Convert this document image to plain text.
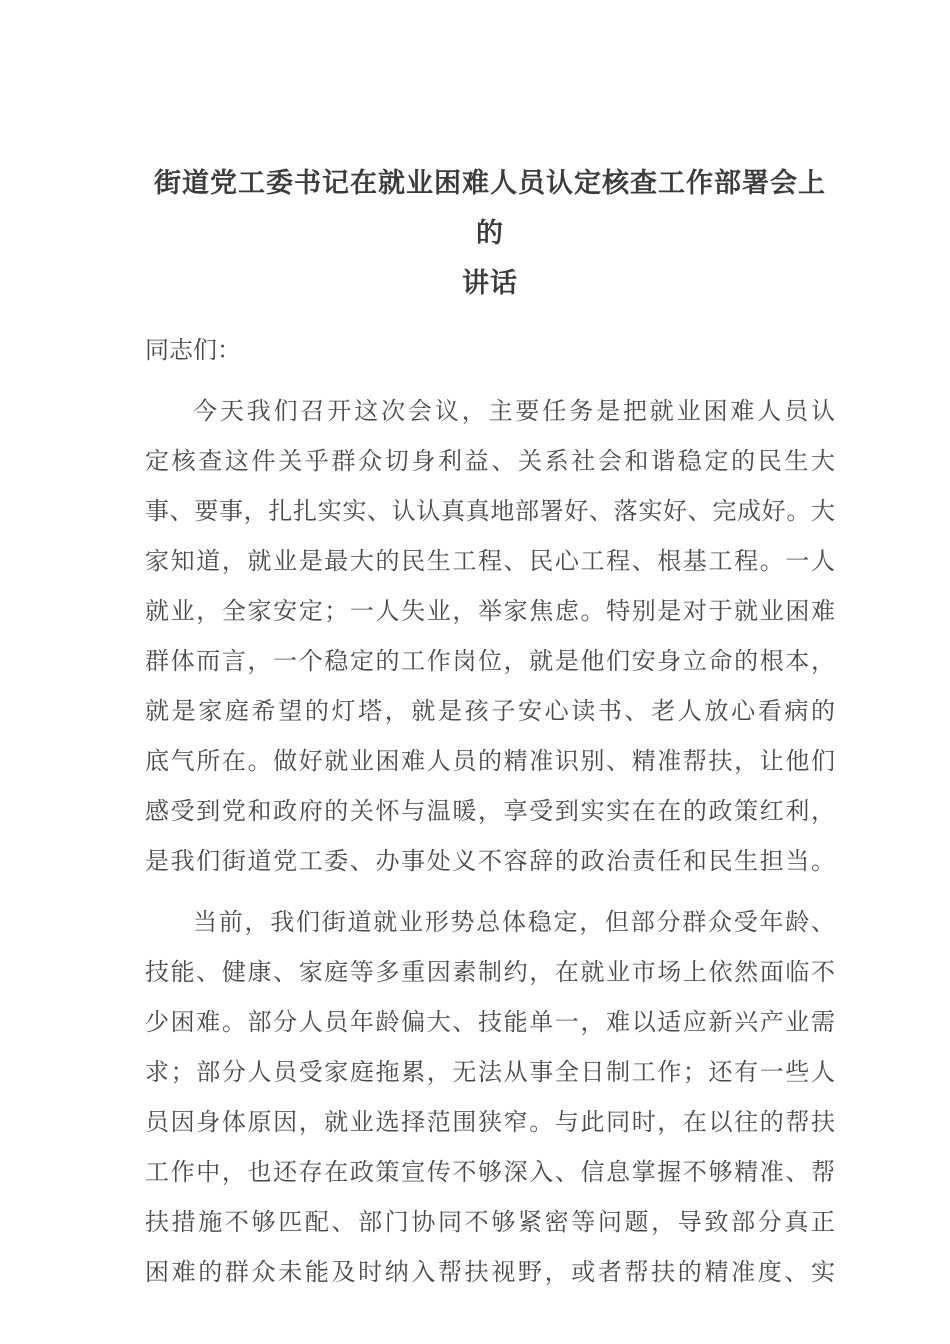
街道党工委书记在就业困难人员认定核查工作部署会上的
讲话
同志们：
今天我们召开这次会议，主要任务是把就业困难人员认
定核查这件关乎群众切身利益、关系社会和谐稳定的民生大
事、要事，扎扎实实、认认真真地部署好、落实好、完成好。大
家知道，就业是最大的民生工程、民心工程、根基工程。一人
就业，全家安定；一人失业，举家焦虑。特别是对于就业困难
群体而言，一个稳定的工作岗位，就是他们安身立命的根本，
就是家庭希望的灯塔，就是孩子安心读书、老人放心看病的
底气所在。做好就业困难人员的精准识别、精准帮扶，让他们
感受到党和政府的关怀与温暖，享受到实实在在的政策红利，
是我们街道党工委、办事处义不容辞的政治责任和民生担当。
当前，我们街道就业形势总体稳定，但部分群众受年龄、
技能、健康、家庭等多重因素制约，在就业市场上依然面临不
少困难。部分人员年龄偏大、技能单一，难以适应新兴产业需
求；部分人员受家庭拖累，无法从事全日制工作；还有一些人
员因身体原因，就业选择范围狭窄。与此同时，在以往的帮扶
工作中，也还存在政策宣传不够深入、信息掌握不够精准、帮
扶措施不够匹配、部门协同不够紧密等问题，导致部分真正
困难的群众未能及时纳入帮扶视野，或者帮扶的精准度、实
